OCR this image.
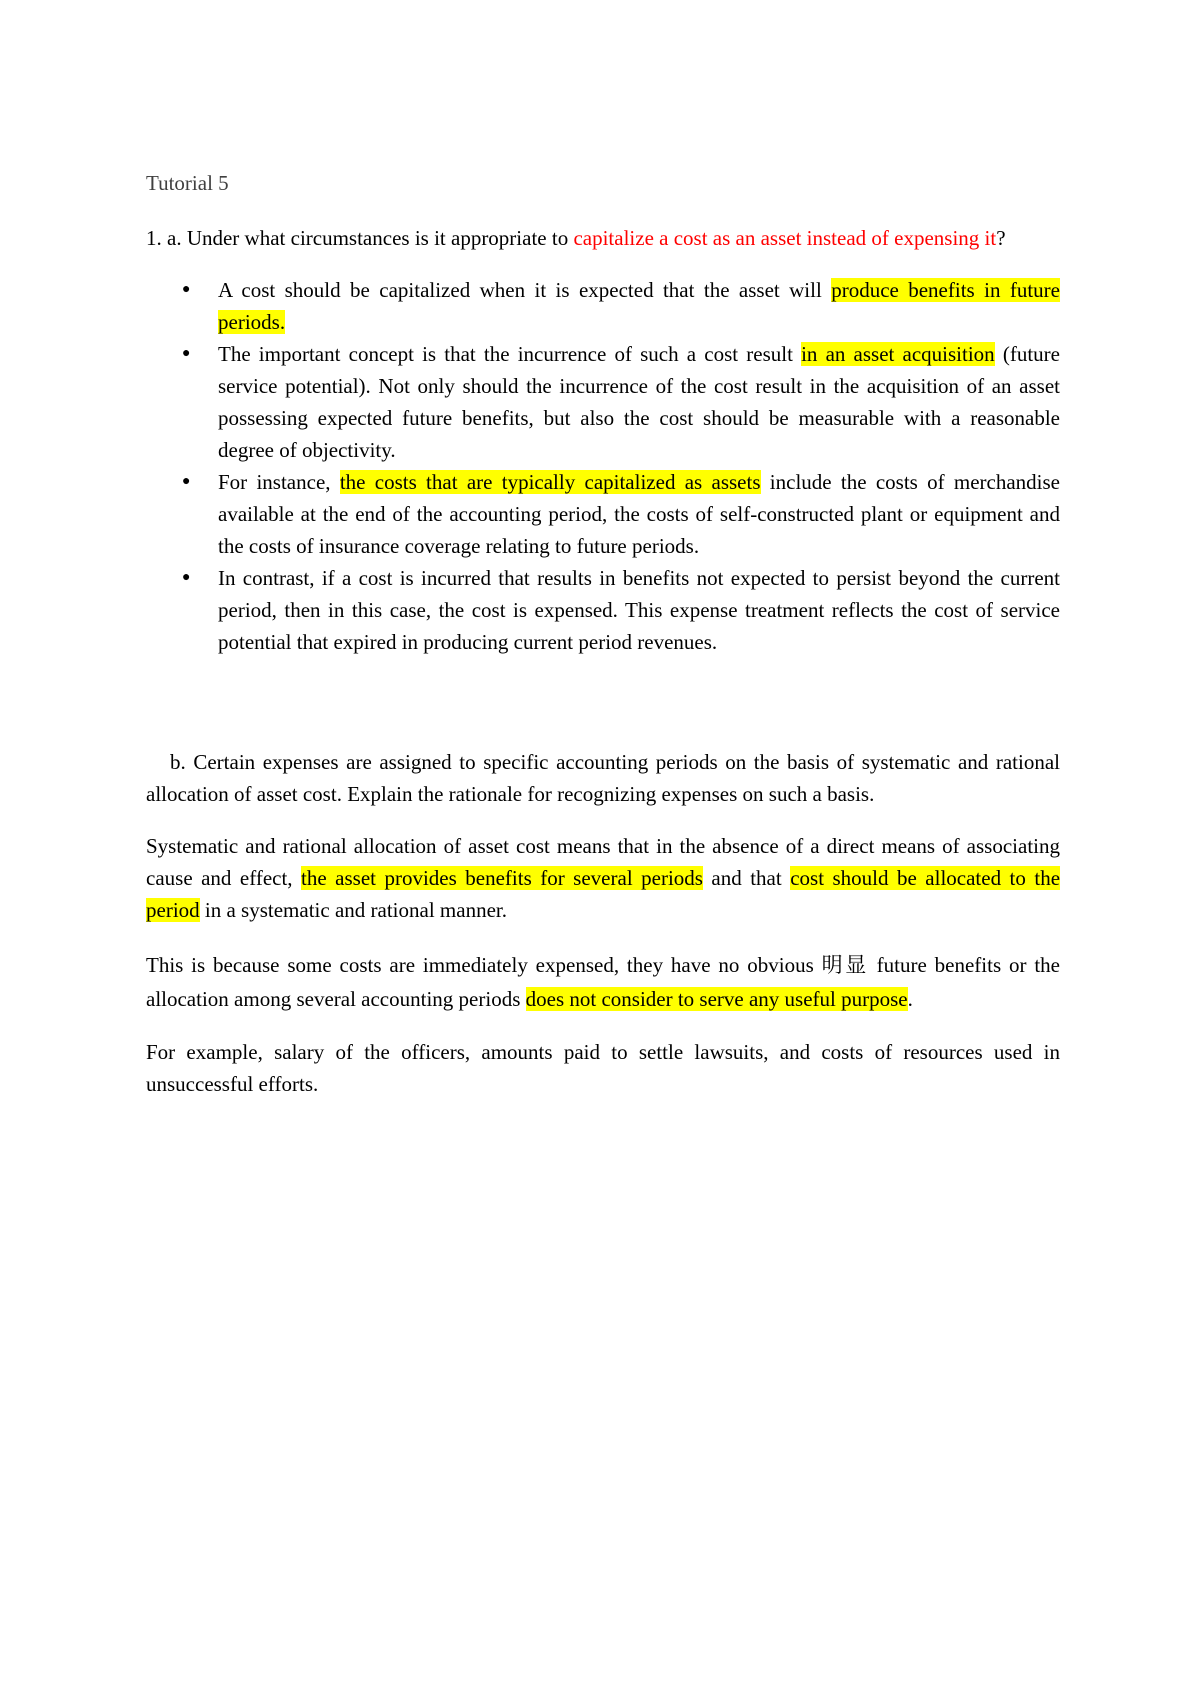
Tutorial 5

1. a. Under what circumstances is it appropriate to capitalize a cost as an asset instead of expensing it?

● A cost should be capitalized when it is expected that the asset will produce benefits in future periods.
● The important concept is that the incurrence of such a cost result in an asset acquisition (future service potential). Not only should the incurrence of the cost result in the acquisition of an asset possessing expected future benefits, but also the cost should be measurable with a reasonable degree of objectivity.
● For instance, the costs that are typically capitalized as assets include the costs of merchandise available at the end of the accounting period, the costs of self-constructed plant or equipment and the costs of insurance coverage relating to future periods.
● In contrast, if a cost is incurred that results in benefits not expected to persist beyond the current period, then in this case, the cost is expensed. This expense treatment reflects the cost of service potential that expired in producing current period revenues.

b. Certain expenses are assigned to specific accounting periods on the basis of systematic and rational allocation of asset cost. Explain the rationale for recognizing expenses on such a basis.

Systematic and rational allocation of asset cost means that in the absence of a direct means of associating cause and effect, the asset provides benefits for several periods and that cost should be allocated to the period in a systematic and rational manner.

This is because some costs are immediately expensed, they have no obvious 明显 future benefits or the allocation among several accounting periods does not consider to serve any useful purpose.

For example, salary of the officers, amounts paid to settle lawsuits, and costs of resources used in unsuccessful efforts.
